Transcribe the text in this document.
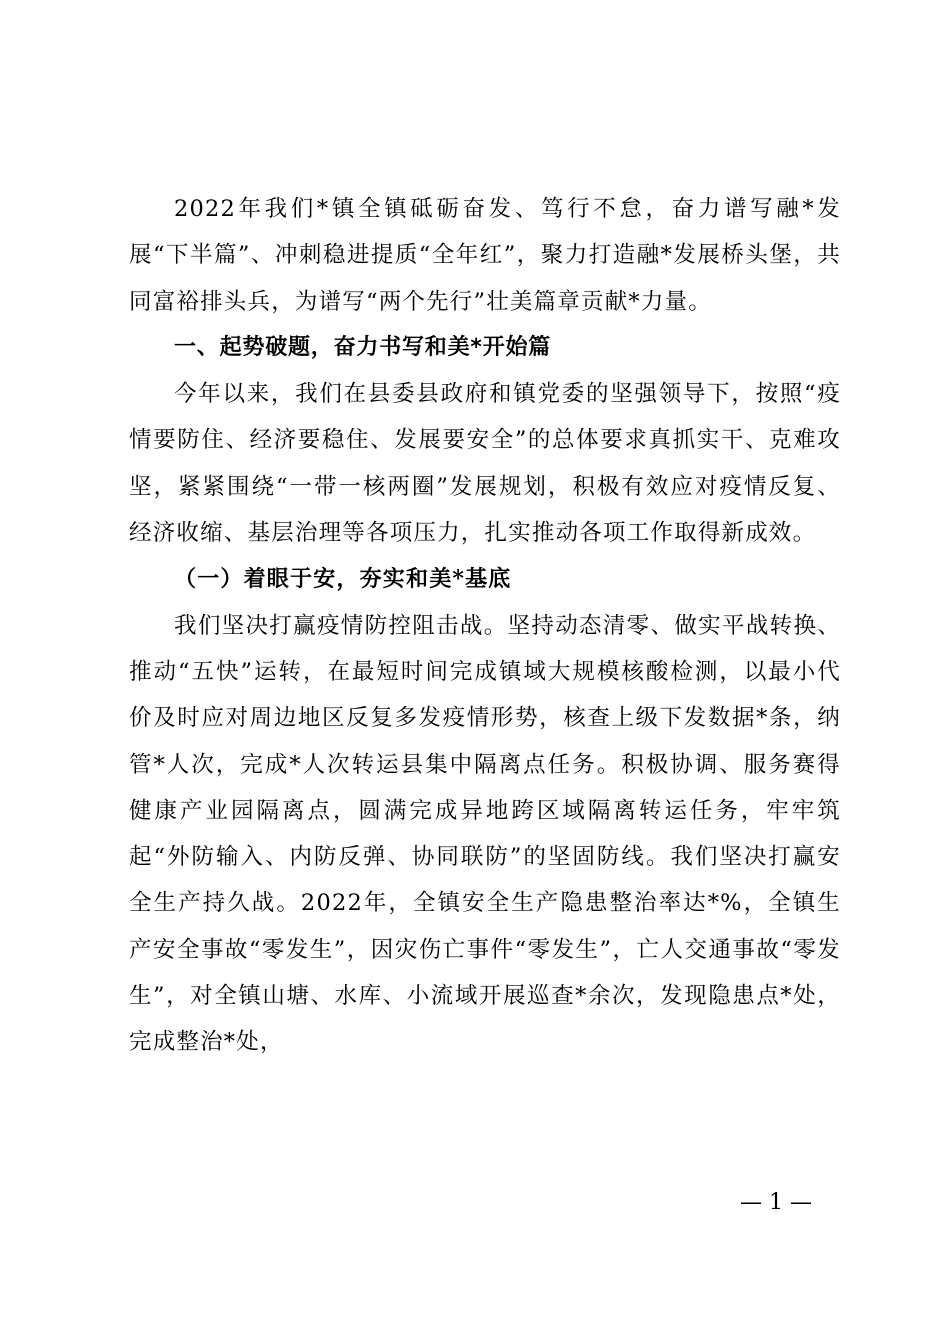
2022年我们*镇全镇砥砺奋发、笃行不怠，奋力谱写融*发展“下半篇”、冲刺稳进提质“全年红”，聚力打造融*发展桥头堡，共同富裕排头兵，为谱写“两个先行”壮美篇章贡献*力量。

一、起势破题，奋力书写和美*开始篇

今年以来，我们在县委县政府和镇党委的坚强领导下，按照“疫情要防住、经济要稳住、发展要安全”的总体要求真抓实干、克难攻坚，紧紧围绕“一带一核两圈”发展规划，积极有效应对疫情反复、经济收缩、基层治理等各项压力，扎实推动各项工作取得新成效。

（一）着眼于安，夯实和美*基底

我们坚决打赢疫情防控阻击战。坚持动态清零、做实平战转换、推动“五快”运转，在最短时间完成镇域大规模核酸检测，以最小代价及时应对周边地区反复多发疫情形势，核查上级下发数据*条，纳管*人次，完成*人次转运县集中隔离点任务。积极协调、服务赛得健康产业园隔离点，圆满完成异地跨区域隔离转运任务，牢牢筑起“外防输入、内防反弹、协同联防”的坚固防线。我们坚决打赢安全生产持久战。2022年，全镇安全生产隐患整治率达*%，全镇生产安全事故“零发生”，因灾伤亡事件“零发生”，亡人交通事故“零发生”，对全镇山塘、水库、小流域开展巡查*余次，发现隐患点*处，完成整治*处，

— 1 —
